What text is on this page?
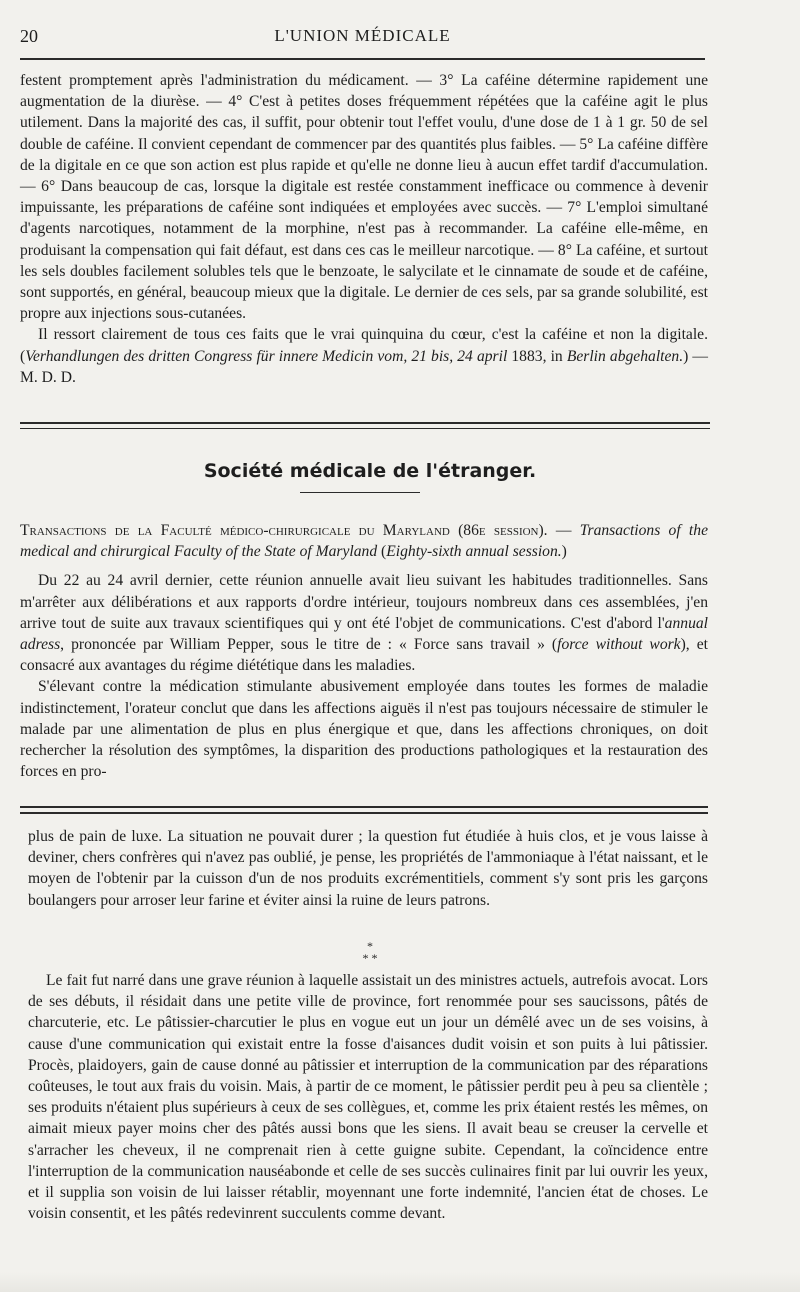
20	L'UNION MÉDICALE

festent promptement après l'administration du médicament. — 3° La caféine détermine rapidement une augmentation de la diurèse. — 4° C'est à petites doses fréquemment répétées que la caféine agit le plus utilement. Dans la majorité des cas, il suffit, pour obtenir tout l'effet voulu, d'une dose de 1 à 1 gr. 50 de sel double de caféine. Il convient cependant de commencer par des quantités plus faibles. — 5° La caféine diffère de la digitale en ce que son action est plus rapide et qu'elle ne donne lieu à aucun effet tardif d'accumulation. — 6° Dans beaucoup de cas, lorsque la digitale est restée constamment inefficace ou commence à devenir impuissante, les préparations de caféine sont indiquées et employées avec succès. — 7° L'emploi simultané d'agents narcotiques, notamment de la morphine, n'est pas à recommander. La caféine elle-même, en produisant la compensation qui fait défaut, est dans ces cas le meilleur narcotique. — 8° La caféine, et surtout les sels doubles facilement solubles tels que le benzoate, le salycilate et le cinnamate de soude et de caféine, sont supportés, en général, beaucoup mieux que la digitale. Le dernier de ces sels, par sa grande solubilité, est propre aux injections sous-cutanées.

Il ressort clairement de tous ces faits que le vrai quinquina du cœur, c'est la caféine et non la digitale. (Verhandlungen des dritten Congress für innere Medicin vom, 21 bis, 24 april 1883, in Berlin abgehalten.) — M. D. D.

Société médicale de l'étranger.

Transactions de la Faculté médico-chirurgicale du Maryland (86e session). — Transactions of the medical and chirurgical Faculty of the State of Maryland (Eighty-sixth annual session.)

Du 22 au 24 avril dernier, cette réunion annuelle avait lieu suivant les habitudes traditionnelles. Sans m'arrêter aux délibérations et aux rapports d'ordre intérieur, toujours nombreux dans ces assemblées, j'en arrive tout de suite aux travaux scientifiques qui y ont été l'objet de communications. C'est d'abord l'annual adress, prononcée par William Pepper, sous le titre de : « Force sans travail » (force without work), et consacré aux avantages du régime diététique dans les maladies.

S'élevant contre la médication stimulante abusivement employée dans toutes les formes de maladie indistinctement, l'orateur conclut que dans les affections aiguës il n'est pas toujours nécessaire de stimuler le malade par une alimentation de plus en plus énergique et que, dans les affections chroniques, on doit rechercher la résolution des symptômes, la disparition des productions pathologiques et la restauration des forces en pro-

plus de pain de luxe. La situation ne pouvait durer ; la question fut étudiée à huis clos, et je vous laisse à deviner, chers confrères qui n'avez pas oublié, je pense, les propriétés de l'ammoniaque à l'état naissant, et le moyen de l'obtenir par la cuisson d'un de nos produits excrémentitiels, comment s'y sont pris les garçons boulangers pour arroser leur farine et éviter ainsi la ruine de leurs patrons.

*
* *

Le fait fut narré dans une grave réunion à laquelle assistait un des ministres actuels, autrefois avocat. Lors de ses débuts, il résidait dans une petite ville de province, fort renommée pour ses saucissons, pâtés de charcuterie, etc. Le pâtissier-charcutier le plus en vogue eut un jour un démêlé avec un de ses voisins, à cause d'une communication qui existait entre la fosse d'aisances dudit voisin et son puits à lui pâtissier. Procès, plaidoyers, gain de cause donné au pâtissier et interruption de la communication par des réparations coûteuses, le tout aux frais du voisin. Mais, à partir de ce moment, le pâtissier perdit peu à peu sa clientèle ; ses produits n'étaient plus supérieurs à ceux de ses collègues, et, comme les prix étaient restés les mêmes, on aimait mieux payer moins cher des pâtés aussi bons que les siens. Il avait beau se creuser la cervelle et s'arracher les cheveux, il ne comprenait rien à cette guigne subite. Cependant, la coïncidence entre l'interruption de la communication nauséabonde et celle de ses succès culinaires finit par lui ouvrir les yeux, et il supplia son voisin de lui laisser rétablir, moyennant une forte indemnité, l'ancien état de choses. Le voisin consentit, et les pâtés redevinrent succulents comme devant.
